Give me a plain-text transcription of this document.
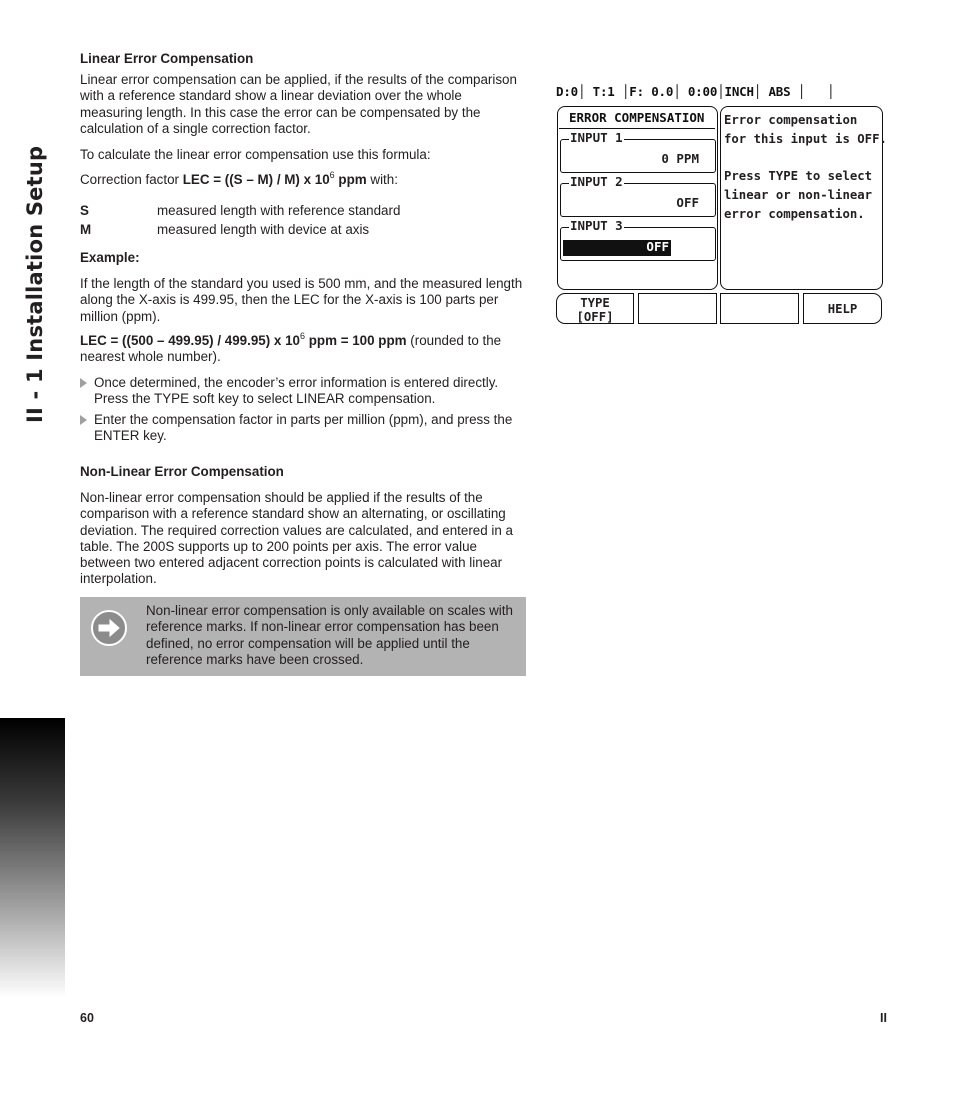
II - 1 Installation Setup
Linear Error Compensation
Linear error compensation can be applied, if the results of the comparison with a reference standard show a linear deviation over the whole measuring length. In this case the error can be compensated by the calculation of a single correction factor.
To calculate the linear error compensation use this formula:
Correction factor LEC = ((S – M) / M) x $10^6$ ppm with:
S	measured length with reference standard
M	measured length with device at axis
Example:
If the length of the standard you used is 500 mm, and the measured length along the X-axis is 499.95, then the LEC for the X-axis is 100 parts per million (ppm).
LEC = ((500 – 499.95) / 499.95) x $10^6$ ppm = 100 ppm (rounded to the nearest whole number).
Once determined, the encoder’s error information is entered directly. Press the TYPE soft key to select LINEAR compensation.
Enter the compensation factor in parts per million (ppm), and press the ENTER key.
Non-Linear Error Compensation
Non-linear error compensation should be applied if the results of the comparison with a reference standard show an alternating, or oscillating deviation. The required correction values are calculated, and entered in a table. The 200S supports up to 200 points per axis. The error value between two entered adjacent correction points is calculated with linear interpolation.
Non-linear error compensation is only available on scales with reference marks. If non-linear error compensation has been defined, no error compensation will be applied until the reference marks have been crossed.
D:0│ T:1 │F: 0.0│ 0:00│INCH│ ABS │   │
ERROR COMPENSATION
INPUT 1
0 PPM
INPUT 2
OFF
INPUT 3
OFF
Error compensation
for this input is OFF.
Press TYPE to select
linear or non-linear
error compensation.
TYPE
[OFF]
HELP
60	II
